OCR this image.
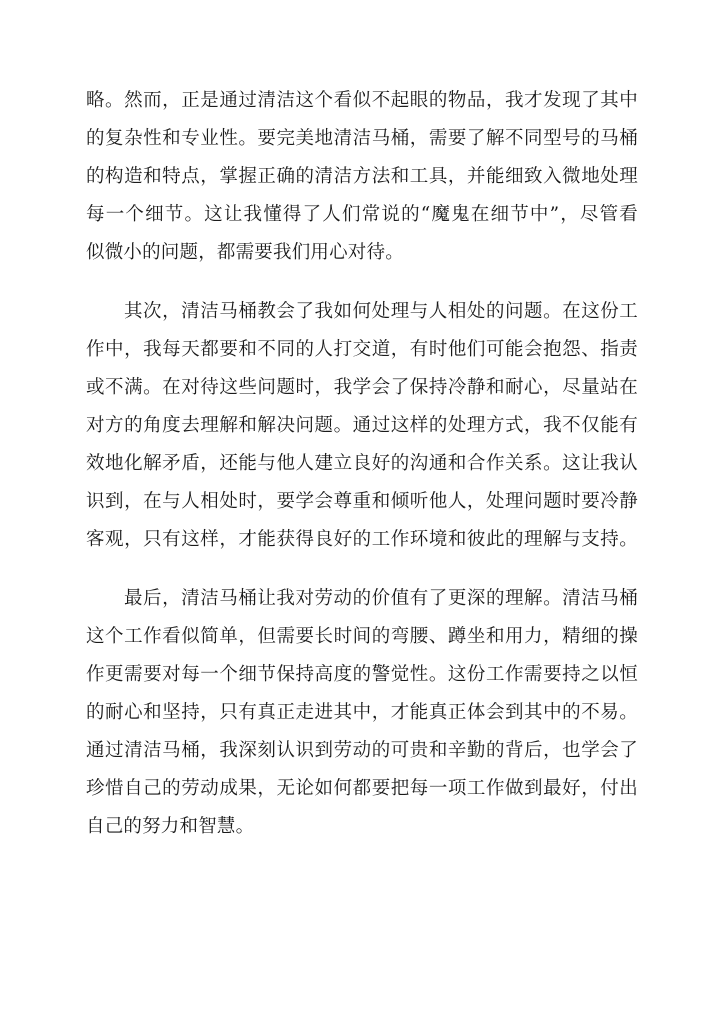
略。然而，正是通过清洁这个看似不起眼的物品，我才发现了其中
的复杂性和专业性。要完美地清洁马桶，需要了解不同型号的马桶
的构造和特点，掌握正确的清洁方法和工具，并能细致入微地处理
每一个细节。这让我懂得了人们常说的“魔鬼在细节中”，尽管看
似微小的问题，都需要我们用心对待。
其次，清洁马桶教会了我如何处理与人相处的问题。在这份工
作中，我每天都要和不同的人打交道，有时他们可能会抱怨、指责
或不满。在对待这些问题时，我学会了保持冷静和耐心，尽量站在
对方的角度去理解和解决问题。通过这样的处理方式，我不仅能有
效地化解矛盾，还能与他人建立良好的沟通和合作关系。这让我认
识到，在与人相处时，要学会尊重和倾听他人，处理问题时要冷静
客观，只有这样，才能获得良好的工作环境和彼此的理解与支持。
最后，清洁马桶让我对劳动的价值有了更深的理解。清洁马桶
这个工作看似简单，但需要长时间的弯腰、蹲坐和用力，精细的操
作更需要对每一个细节保持高度的警觉性。这份工作需要持之以恒
的耐心和坚持，只有真正走进其中，才能真正体会到其中的不易。
通过清洁马桶，我深刻认识到劳动的可贵和辛勤的背后，也学会了
珍惜自己的劳动成果，无论如何都要把每一项工作做到最好，付出
自己的努力和智慧。
